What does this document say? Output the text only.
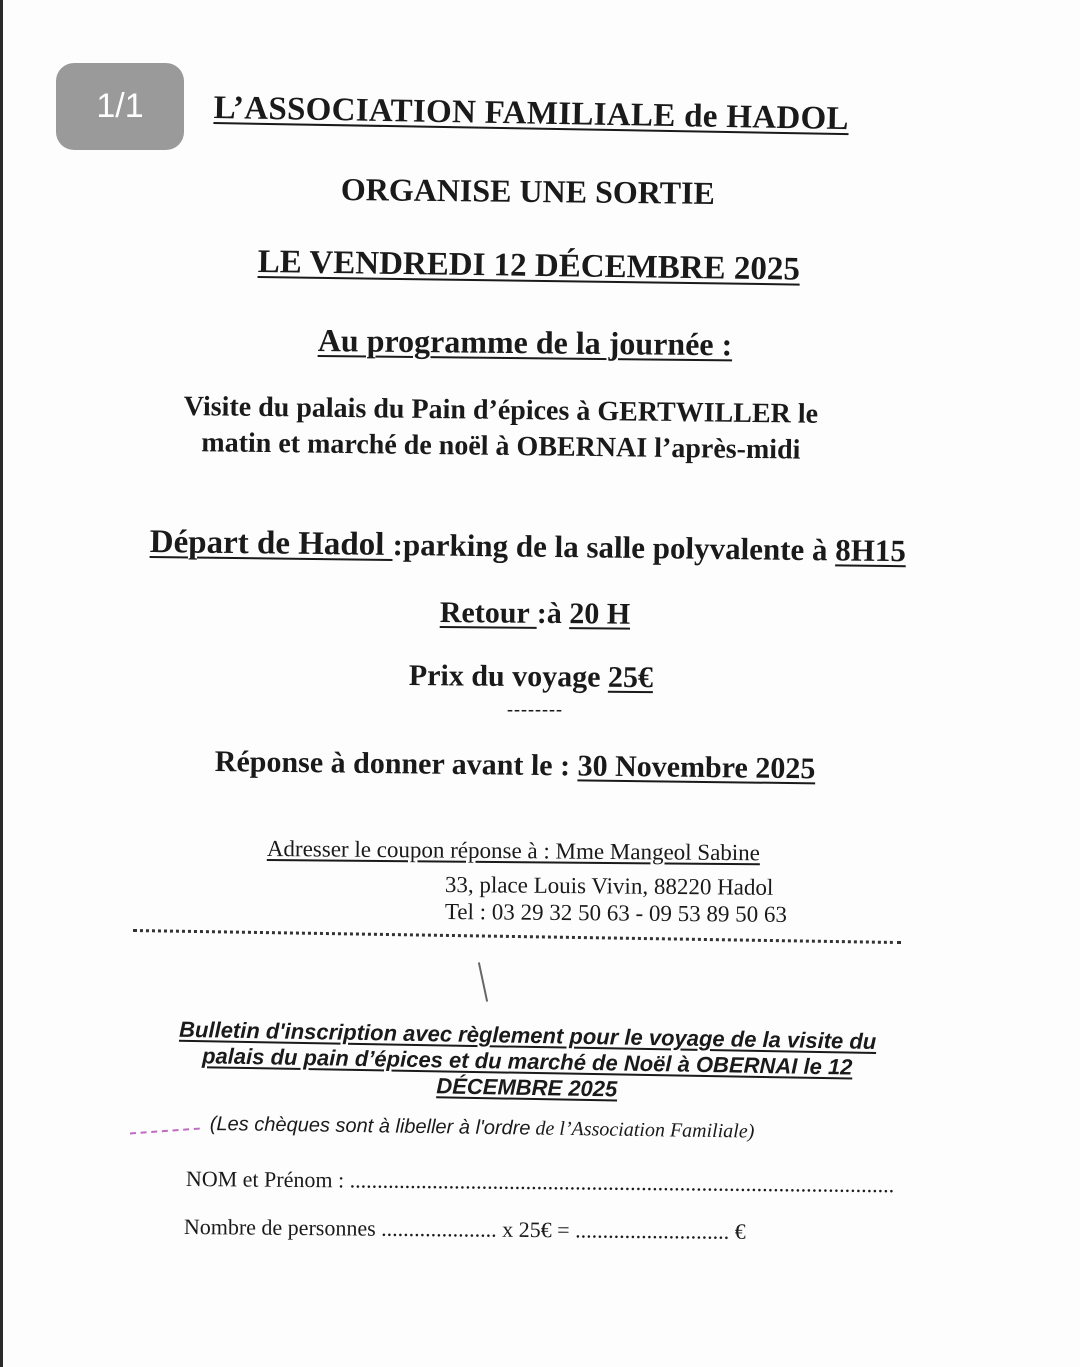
1/1	L’ASSOCIATION FAMILIALE de HADOL
ORGANISE UNE SORTIE
LE VENDREDI 12 DÉCEMBRE 2025
Au programme de la journée :
Visite du palais du Pain d’épices à GERTWILLER le
matin et marché de noël à OBERNAI l’après-midi
Départ de Hadol :parking de la salle polyvalente à 8H15
Retour :à 20 H
Prix du voyage 25€
--------
Réponse à donner avant le : 30 Novembre 2025
Adresser le coupon réponse à : Mme Mangeol Sabine
33, place Louis Vivin, 88220 Hadol
Tel : 03 29 32 50 63 - 09 53 89 50 63
Bulletin d'inscription avec règlement pour le voyage de la visite du
palais du pain d’épices et du marché de Noël à OBERNAI le 12
DÉCEMBRE 2025
(Les chèques sont à libeller à l'ordre de l’Association Familiale)
NOM et Prénom : ...................................................................................................
Nombre de personnes ..................... x 25€ = ............................ €
